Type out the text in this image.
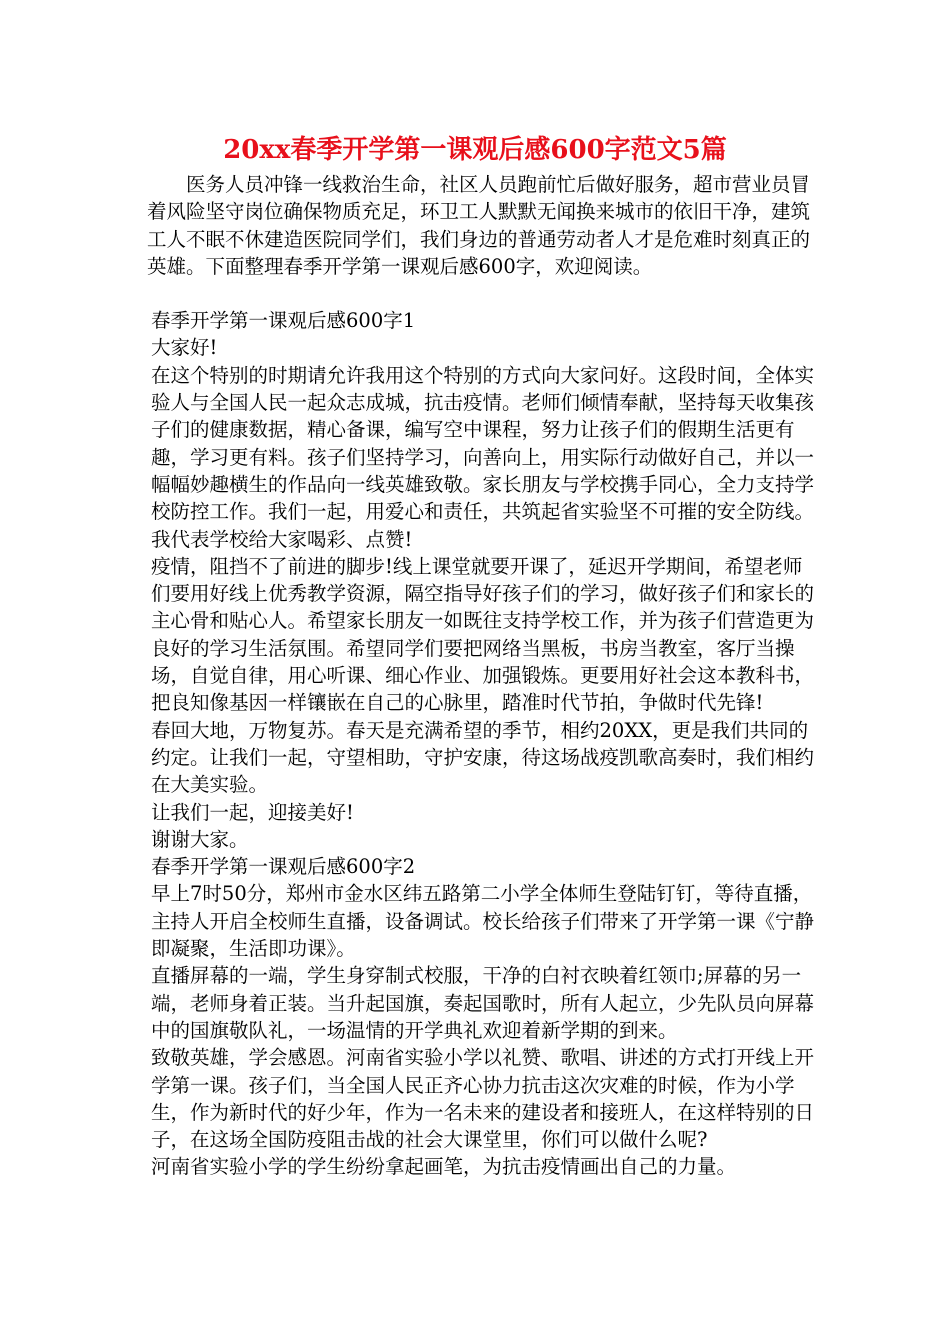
20xx春季开学第一课观后感600字范文5篇

医务人员冲锋一线救治生命，社区人员跑前忙后做好服务，超市营业员冒着风险坚守岗位确保物质充足，环卫工人默默无闻换来城市的依旧干净，建筑工人不眠不休建造医院同学们，我们身边的普通劳动者人才是危难时刻真正的英雄。下面整理春季开学第一课观后感600字，欢迎阅读。

春季开学第一课观后感600字1

大家好!

在这个特别的时期请允许我用这个特别的方式向大家问好。这段时间，全体实验人与全国人民一起众志成城，抗击疫情。老师们倾情奉献，坚持每天收集孩子们的健康数据，精心备课，编写空中课程，努力让孩子们的假期生活更有趣，学习更有料。孩子们坚持学习，向善向上，用实际行动做好自己，并以一幅幅妙趣横生的作品向一线英雄致敬。家长朋友与学校携手同心，全力支持学校防控工作。我们一起，用爱心和责任，共筑起省实验坚不可摧的安全防线。我代表学校给大家喝彩、点赞!

疫情，阻挡不了前进的脚步!线上课堂就要开课了，延迟开学期间，希望老师们要用好线上优秀教学资源，隔空指导好孩子们的学习，做好孩子们和家长的主心骨和贴心人。希望家长朋友一如既往支持学校工作，并为孩子们营造更为良好的学习生活氛围。希望同学们要把网络当黑板，书房当教室，客厅当操场，自觉自律，用心听课、细心作业、加强锻炼。更要用好社会这本教科书，把良知像基因一样镶嵌在自己的心脉里，踏准时代节拍，争做时代先锋!

春回大地，万物复苏。春天是充满希望的季节，相约20XX，更是我们共同的约定。让我们一起，守望相助，守护安康，待这场战疫凯歌高奏时，我们相约在大美实验。

让我们一起，迎接美好!

谢谢大家。

春季开学第一课观后感600字2

早上7时50分，郑州市金水区纬五路第二小学全体师生登陆钉钉，等待直播，主持人开启全校师生直播，设备调试。校长给孩子们带来了开学第一课《宁静即凝聚，生活即功课》。

直播屏幕的一端，学生身穿制式校服，干净的白衬衣映着红领巾;屏幕的另一端，老师身着正装。当升起国旗，奏起国歌时，所有人起立，少先队员向屏幕中的国旗敬队礼，一场温情的开学典礼欢迎着新学期的到来。

致敬英雄，学会感恩。河南省实验小学以礼赞、歌唱、讲述的方式打开线上开学第一课。孩子们，当全国人民正齐心协力抗击这次灾难的时候，作为小学生，作为新时代的好少年，作为一名未来的建设者和接班人，在这样特别的日子，在这场全国防疫阻击战的社会大课堂里，你们可以做什么呢?

河南省实验小学的学生纷纷拿起画笔，为抗击疫情画出自己的力量。
